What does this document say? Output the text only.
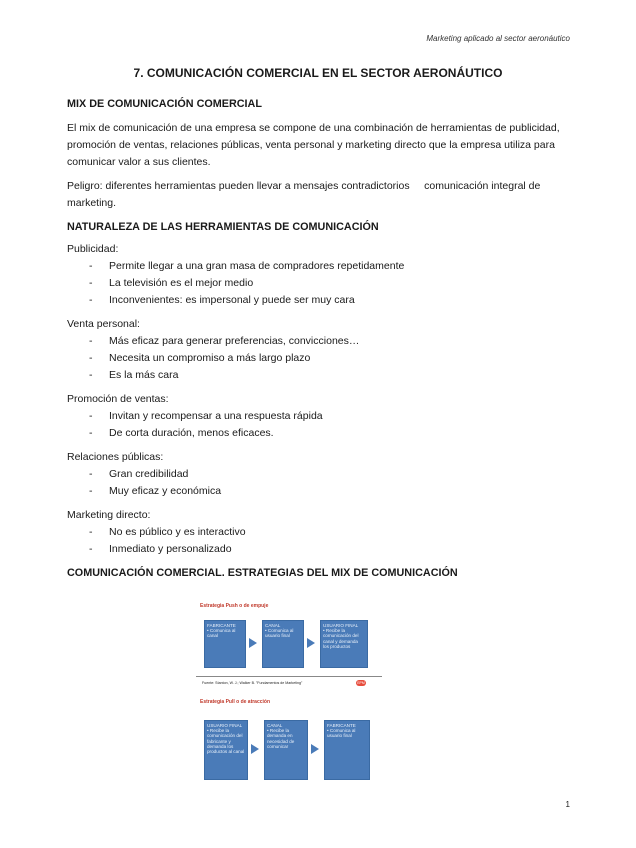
Marketing aplicado al sector aeronáutico
7. COMUNICACIÓN COMERCIAL EN EL SECTOR AERONÁUTICO

MIX DE COMUNICACIÓN COMERCIAL

El mix de comunicación de una empresa se compone de una combinación de herramientas de publicidad, promoción de ventas, relaciones públicas, venta personal y marketing directo que la empresa utiliza para comunicar valor a sus clientes.

Peligro: diferentes herramientas pueden llevar a mensajes contradictorios     comunicación integral de marketing.

NATURALEZA DE LAS HERRAMIENTAS DE COMUNICACIÓN

Publicidad:

- Permite llegar a una gran masa de compradores repetidamente
- La televisión es el mejor medio
- Inconvenientes: es impersonal y puede ser muy cara

Venta personal:

- Más eficaz para generar preferencias, convicciones…
- Necesita un compromiso a más largo plazo
- Es la más cara

Promoción de ventas:

- Invitan y recompensar a una respuesta rápida
- De corta duración, menos eficaces.

Relaciones públicas:

- Gran credibilidad
- Muy eficaz y económica

Marketing directo:

- No es público y es interactivo
- Inmediato y personalizado

COMUNICACIÓN COMERCIAL. ESTRATEGIAS DEL MIX DE COMUNICACIÓN

Estrategia Push o de empuje
FABRICANTE
• Comunica al canal
CANAL
• Comunica al usuario final
USUARIO FINAL
• Recibe la comunicación del canal y demanda los productos
Fuente: Stanton, W. J.; Walker B. "Fundamentos de Marketing"	EPM
Estrategia Pull o de atracción
USUARIO FINAL
• Recibe la comunicación del fabricante y demanda los productos al canal
CANAL
• Recibe la demanda en necesidad de comunicar
FABRICANTE
• Comunica al usuario final
1
